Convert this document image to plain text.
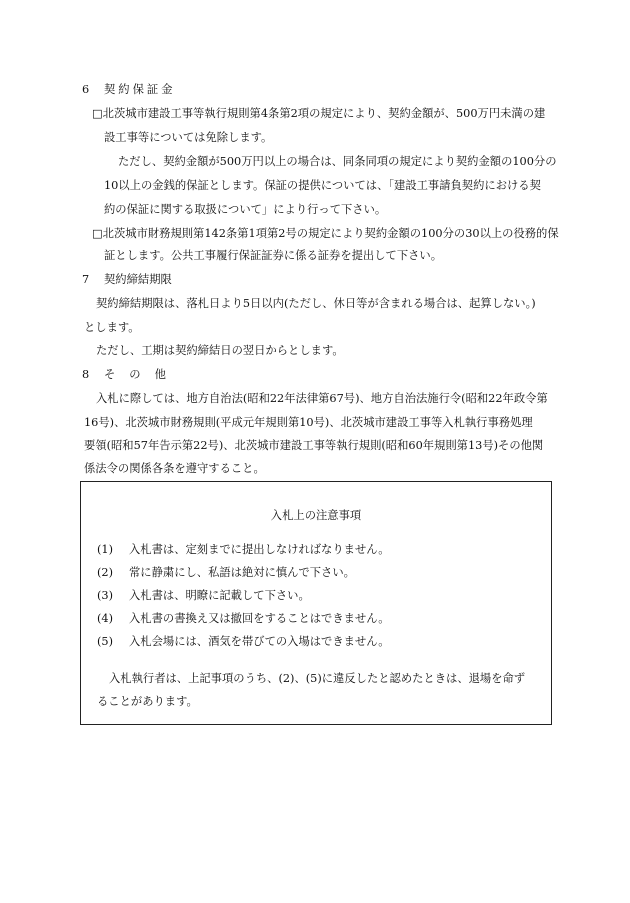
6 契約保証金
□北茨城市建設工事等執行規則第4条第2項の規定により、契約金額が、500万円未満の建
設工事等については免除します。
ただし、契約金額が500万円以上の場合は、同条同項の規定により契約金額の100分の
10以上の金銭的保証とします。保証の提供については、「建設工事請負契約における契
約の保証に関する取扱について」により行って下さい。
□北茨城市財務規則第142条第1項第2号の規定により契約金額の100分の30以上の役務的保
証とします。公共工事履行保証証券に係る証券を提出して下さい。
7 契約締結期限
契約締結期限は、落札日より5日以内(ただし、休日等が含まれる場合は、起算しない。)
とします。
ただし、工期は契約締結日の翌日からとします。
8 その他
入札に際しては、地方自治法(昭和22年法律第67号)、地方自治法施行令(昭和22年政令第
16号)、北茨城市財務規則(平成元年規則第10号)、北茨城市建設工事等入札執行事務処理
要領(昭和57年告示第22号)、北茨城市建設工事等執行規則(昭和60年規則第13号)その他関
係法令の関係各条を遵守すること。
入札上の注意事項
(1) 入札書は、定刻までに提出しなければなりません。
(2) 常に静粛にし、私語は絶対に慎んで下さい。
(3) 入札書は、明瞭に記載して下さい。
(4) 入札書の書換え又は撤回をすることはできません。
(5) 入札会場には、酒気を帯びての入場はできません。
入札執行者は、上記事項のうち、(2)、(5)に違反したと認めたときは、退場を命ず
ることがあります。
